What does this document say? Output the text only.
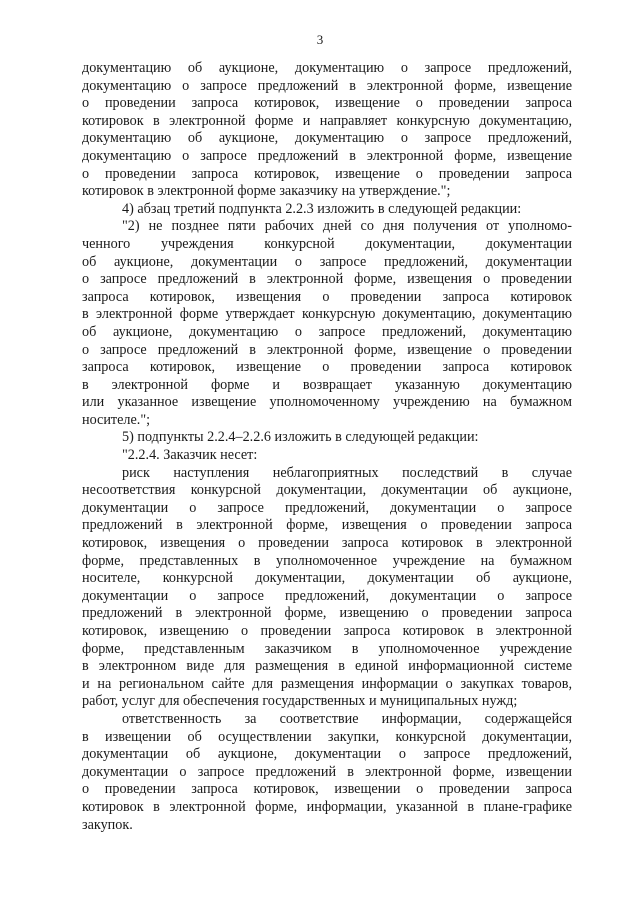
3

документацию об аукционе, документацию о запросе предложений,

документацию о запросе предложений в электронной форме, извещение

о проведении запроса котировок, извещение о проведении запроса

котировок в электронной форме и направляет конкурсную документацию,

документацию об аукционе, документацию о запросе предложений,

документацию о запросе предложений в электронной форме, извещение

о проведении запроса котировок, извещение о проведении запроса

котировок в электронной форме заказчику на утверждение.";

4) абзац третий подпункта 2.2.3 изложить в следующей редакции:

"2) не позднее пяти рабочих дней со дня получения от уполномо-

ченного учреждения конкурсной документации, документации

об аукционе, документации о запросе предложений, документации

о запросе предложений в электронной форме, извещения о проведении

запроса котировок, извещения о проведении запроса котировок

в электронной форме утверждает конкурсную документацию, документацию

об аукционе, документацию о запросе предложений, документацию

о запросе предложений в электронной форме, извещение о проведении

запроса котировок, извещение о проведении запроса котировок

в электронной форме и возвращает указанную документацию

или указанное извещение уполномоченному учреждению на бумажном

носителе.";

5) подпункты 2.2.4–2.2.6 изложить в следующей редакции:

"2.2.4. Заказчик несет:

риск наступления неблагоприятных последствий в случае

несоответствия конкурсной документации, документации об аукционе,

документации о запросе предложений, документации о запросе

предложений в электронной форме, извещения о проведении запроса

котировок, извещения о проведении запроса котировок в электронной

форме, представленных в уполномоченное учреждение на бумажном

носителе, конкурсной документации, документации об аукционе,

документации о запросе предложений, документации о запросе

предложений в электронной форме, извещению о проведении запроса

котировок, извещению о проведении запроса котировок в электронной

форме, представленным заказчиком в уполномоченное учреждение

в электронном виде для размещения в единой информационной системе

и на региональном сайте для размещения информации о закупках товаров,

работ, услуг для обеспечения государственных и муниципальных нужд;

ответственность за соответствие информации, содержащейся

в извещении об осуществлении закупки, конкурсной документации,

документации об аукционе, документации о запросе предложений,

документации о запросе предложений в электронной форме, извещении

о проведении запроса котировок, извещении о проведении запроса

котировок в электронной форме, информации, указанной в плане-графике

закупок.
